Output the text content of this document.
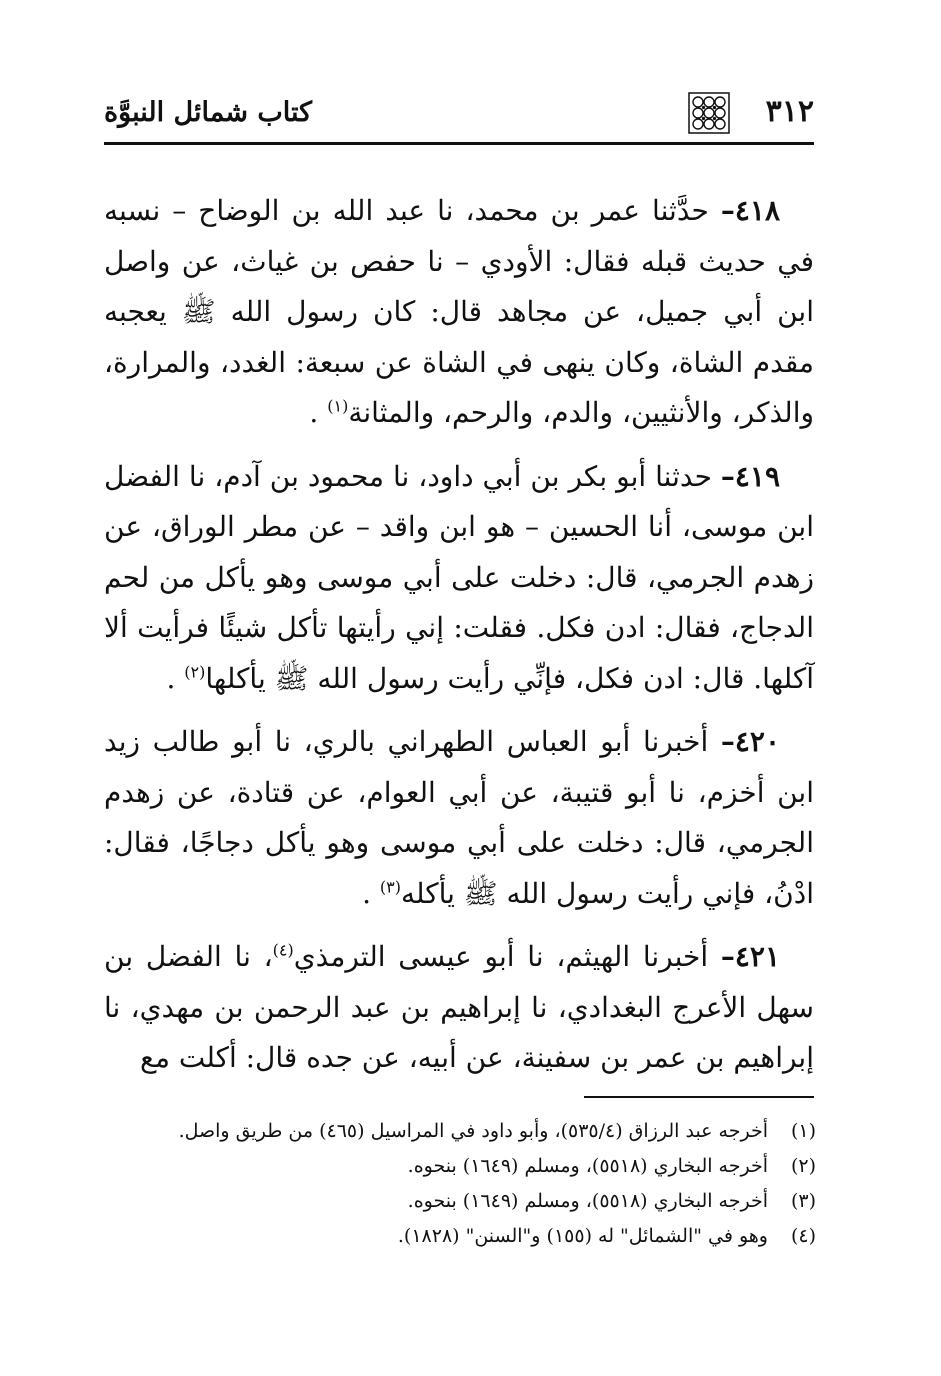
٣١٢
كتاب شمائل النبوَّة

٤١٨– حدَّثنا عمر بن محمد، نا عبد الله بن الوضاح – نسبه في حديث قبله فقال: الأودي – نا حفص بن غياث، عن واصل ابن أبي جميل، عن مجاهد قال: كان رسول الله ﷺ يعجبه مقدم الشاة، وكان ينهى في الشاة عن سبعة: الغدد، والمرارة، والذكر، والأنثيين، والدم، والرحم، والمثانة$^{(١)}$ .

٤١٩– حدثنا أبو بكر بن أبي داود، نا محمود بن آدم، نا الفضل ابن موسى، أنا الحسين – هو ابن واقد – عن مطر الوراق، عن زهدم الجرمي، قال: دخلت على أبي موسى وهو يأكل من لحم الدجاج، فقال: ادن فكل. فقلت: إني رأيتها تأكل شيئًا فرأيت ألا آكلها. قال: ادن فكل، فإنِّي رأيت رسول الله ﷺ يأكلها$^{(٢)}$ .

٤٢٠– أخبرنا أبو العباس الطهراني بالري، نا أبو طالب زيد ابن أخزم، نا أبو قتيبة، عن أبي العوام، عن قتادة، عن زهدم الجرمي، قال: دخلت على أبي موسى وهو يأكل دجاجًا، فقال: ادْنُ، فإني رأيت رسول الله ﷺ يأكله$^{(٣)}$ .

٤٢١– أخبرنا الهيثم، نا أبو عيسى الترمذي$^{(٤)}$، نا الفضل بن سهل الأعرج البغدادي، نا إبراهيم بن عبد الرحمن بن مهدي، نا إبراهيم بن عمر بن سفينة، عن أبيه، عن جده قال: أكلت مع

(١)
أخرجه عبد الرزاق (٥٣٥/٤)، وأبو داود في المراسيل (٤٦٥) من طريق واصل.

(٢)
أخرجه البخاري (٥٥١٨)، ومسلم (١٦٤٩) بنحوه.

(٣)
أخرجه البخاري (٥٥١٨)، ومسلم (١٦٤٩) بنحوه.

(٤)
وهو في "الشمائل" له (١٥٥) و"السنن" (١٨٢٨).
